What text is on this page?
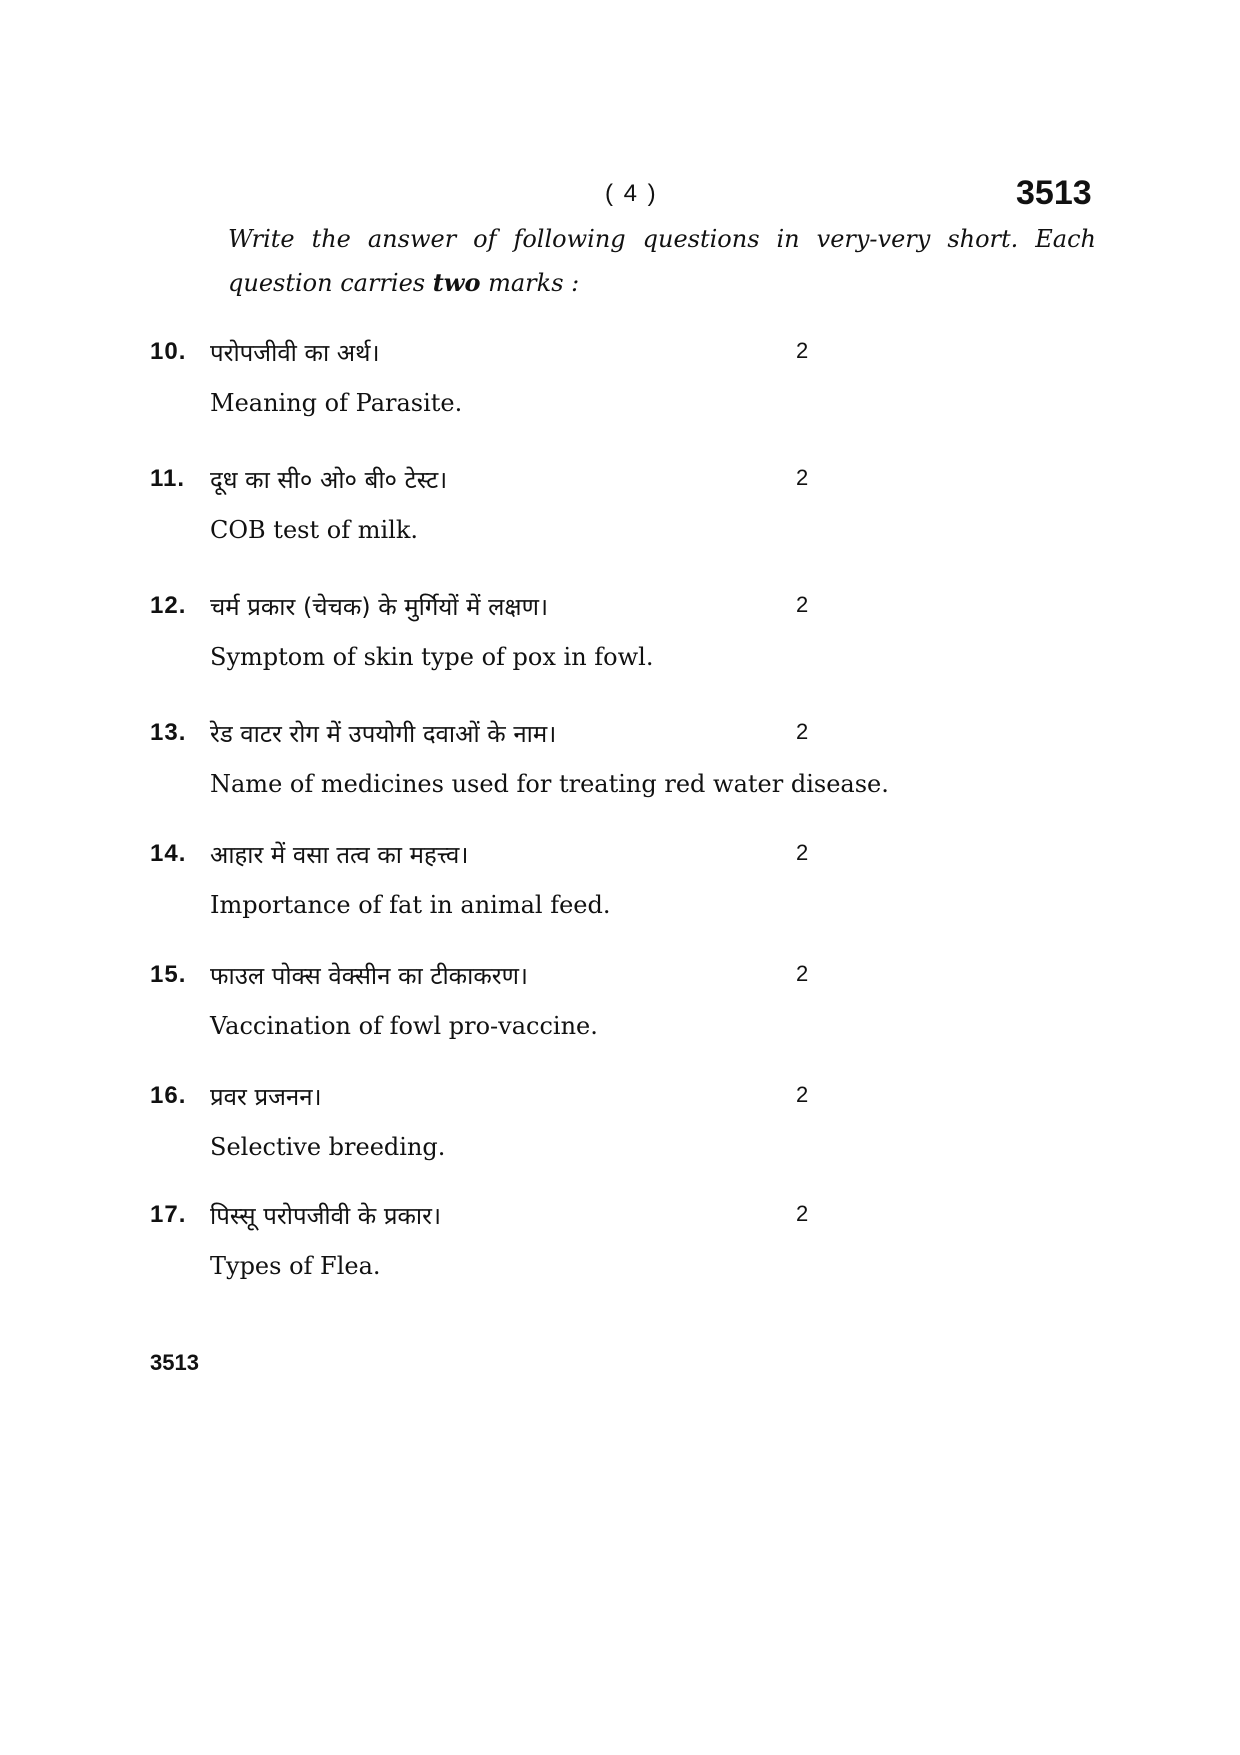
( 4 )	3513
Write the answer of following questions in very-very short. Each question carries two marks :
10. परोपजीवी का अर्थ।	2
Meaning of Parasite.
11. दूध का सी० ओ० बी० टेस्ट।	2
COB test of milk.
12. चर्म प्रकार (चेचक) के मुर्गियों में लक्षण।	2
Symptom of skin type of pox in fowl.
13. रेड वाटर रोग में उपयोगी दवाओं के नाम।	2
Name of medicines used for treating red water disease.
14. आहार में वसा तत्व का महत्त्व।	2
Importance of fat in animal feed.
15. फाउल पोक्स वेक्सीन का टीकाकरण।	2
Vaccination of fowl pro-vaccine.
16. प्रवर प्रजनन।	2
Selective breeding.
17. पिस्सू परोपजीवी के प्रकार।	2
Types of Flea.
3513
